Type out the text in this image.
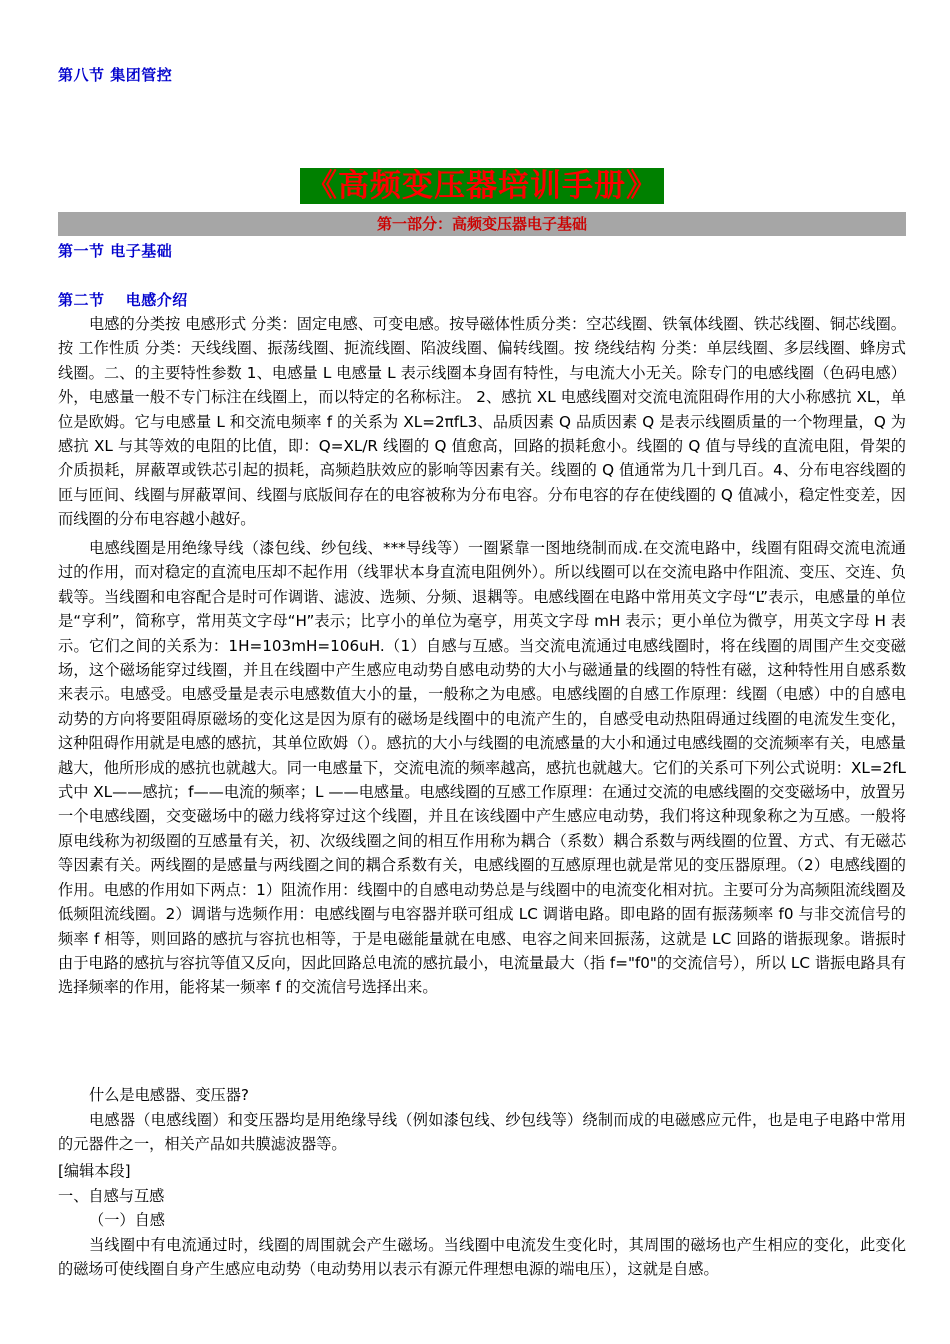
第八节 集团管控
《高频变压器培训手册》
第一部分：高频变压器电子基础
第一节 电子基础
第二节　 电感介绍
电感的分类按 电感形式 分类：固定电感、可变电感。按导磁体性质分类：空芯线圈、铁氧体线圈、铁芯线圈、铜芯线圈。按 工作性质 分类：天线线圈、振荡线圈、扼流线圈、陷波线圈、偏转线圈。按 绕线结构 分类：单层线圈、多层线圈、蜂房式线圈。二、的主要特性参数 1、电感量 L 电感量 L 表示线圈本身固有特性，与电流大小无关。除专门的电感线圈（色码电感）外，电感量一般不专门标注在线圈上，而以特定的名称标注。 2、感抗 XL 电感线圈对交流电流阻碍作用的大小称感抗 XL，单位是欧姆。它与电感量 L 和交流电频率 f 的关系为 XL=2πfL3、品质因素 Q 品质因素 Q 是表示线圈质量的一个物理量，Q 为感抗 XL 与其等效的电阻的比值，即：Q=XL/R 线圈的 Q 值愈高，回路的损耗愈小。线圈的 Q 值与导线的直流电阻，骨架的介质损耗，屏蔽罩或铁芯引起的损耗，高频趋肤效应的影响等因素有关。线圈的 Q 值通常为几十到几百。4、分布电容线圈的匝与匝间、线圈与屏蔽罩间、线圈与底版间存在的电容被称为分布电容。分布电容的存在使线圈的 Q 值减小，稳定性变差，因而线圈的分布电容越小越好。
电感线圈是用绝缘导线（漆包线、纱包线、***导线等）一圈紧靠一图地绕制而成.在交流电路中，线圈有阻碍交流电流通过的作用，而对稳定的直流电压却不起作用（线罪状本身直流电阻例外）。所以线圈可以在交流电路中作阻流、变压、交连、负载等。当线圈和电容配合是时可作调谐、滤波、选频、分频、退耦等。电感线圈在电路中常用英文字母“L”表示，电感量的单位是“亨利”，简称亨，常用英文字母“H”表示；比亨小的单位为毫亨，用英文字母 mH 表示；更小单位为微亨，用英文字母 H 表示。它们之间的关系为：1H=103mH=106uH.（1）自感与互感。当交流电流通过电感线圈时，将在线圈的周围产生交变磁场，这个磁场能穿过线圈，并且在线圈中产生感应电动势自感电动势的大小与磁通量的线圈的特性有磁，这种特性用自感系数来表示。电感受。电感受量是表示电感数值大小的量，一般称之为电感。电感线圈的自感工作原理：线圈（电感）中的自感电动势的方向将要阻碍原磁场的变化这是因为原有的磁场是线圈中的电流产生的，自感受电动热阻碍通过线圈的电流发生变化，这种阻碍作用就是电感的感抗，其单位欧姆（）。感抗的大小与线圈的电流感量的大小和通过电感线圈的交流频率有关，电感量越大，他所形成的感抗也就越大。同一电感量下，交流电流的频率越高，感抗也就越大。它们的关系可下列公式说明：XL=2fL 式中 XL——感抗；f——电流的频率；L ——电感量。电感线圈的互感工作原理：在通过交流的电感线圈的交变磁场中，放置另一个电感线圈，交变磁场中的磁力线将穿过这个线圈，并且在该线圈中产生感应电动势，我们将这种现象称之为互感。一般将原电线称为初级圈的互感量有关，初、次级线圈之间的相互作用称为耦合（系数）耦合系数与两线圈的位置、方式、有无磁芯等因素有关。两线圈的是感量与两线圈之间的耦合系数有关，电感线圈的互感原理也就是常见的变压器原理。（2）电感线圈的作用。电感的作用如下两点：1）阻流作用：线圈中的自感电动势总是与线圈中的电流变化相对抗。主要可分为高频阻流线圈及低频阻流线圈。2）调谐与选频作用：电感线圈与电容器并联可组成 LC 调谐电路。即电路的固有振荡频率 f0 与非交流信号的频率 f 相等，则回路的感抗与容抗也相等，于是电磁能量就在电感、电容之间来回振荡，这就是 LC 回路的谐振现象。谐振时由于电路的感抗与容抗等值又反向，因此回路总电流的感抗最小，电流量最大（指 f="f0"的交流信号），所以 LC 谐振电路具有选择频率的作用，能将某一频率 f 的交流信号选择出来。
什么是电感器、变压器?
电感器（电感线圈）和变压器均是用绝缘导线（例如漆包线、纱包线等）绕制而成的电磁感应元件，也是电子电路中常用的元器件之一，相关产品如共膜滤波器等。
[编辑本段]
一、自感与互感
（一）自感
当线圈中有电流通过时，线圈的周围就会产生磁场。当线圈中电流发生变化时，其周围的磁场也产生相应的变化，此变化的磁场可使线圈自身产生感应电动势（电动势用以表示有源元件理想电源的端电压），这就是自感。
